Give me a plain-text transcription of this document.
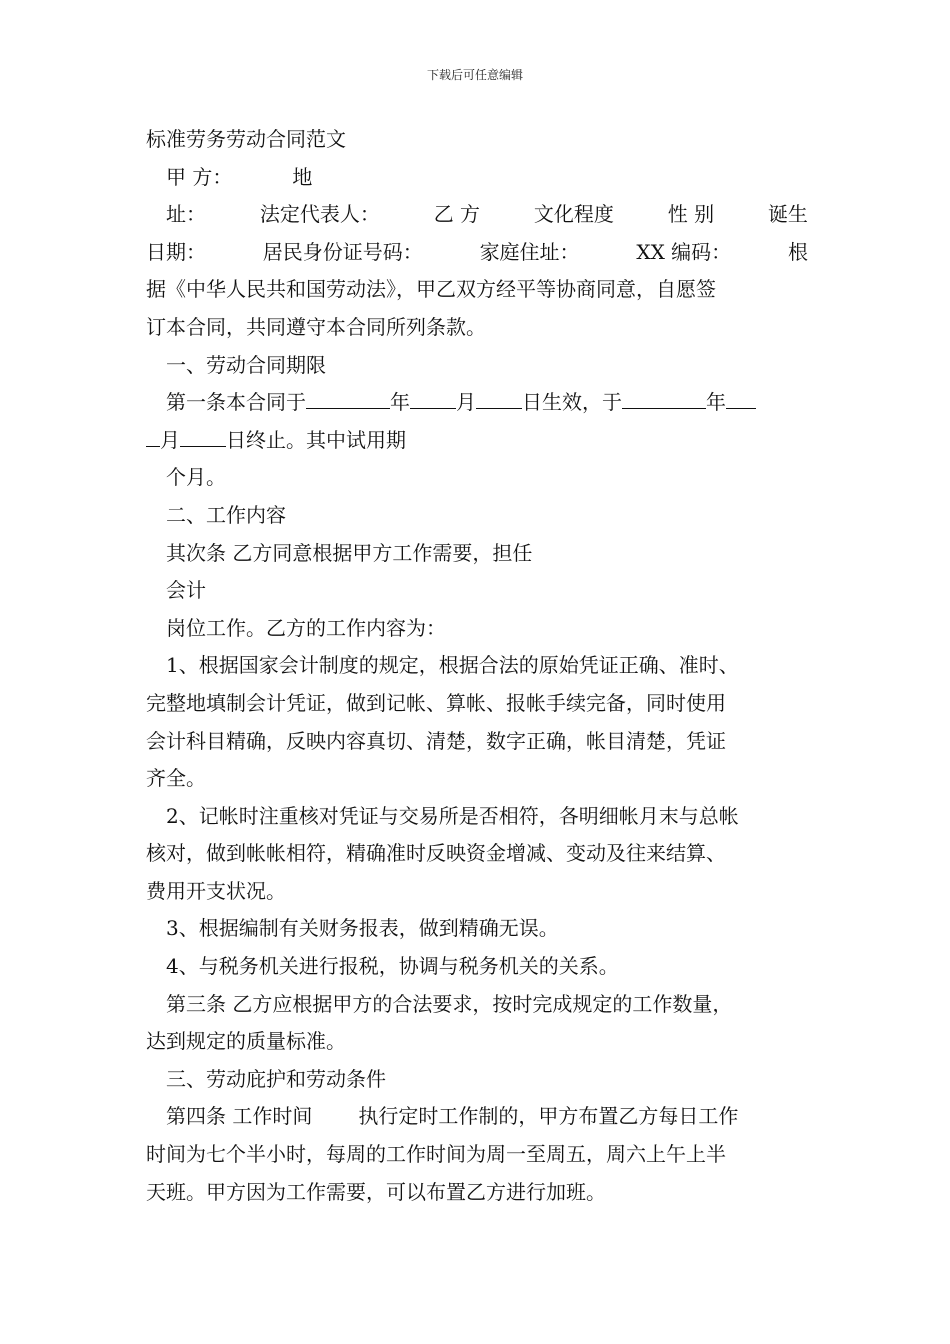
下载后可任意编辑
标准劳务劳动合同范文
甲 方：	地
址：	法定代表人：	乙 方	文化程度	性 别	诞生
日期：	居民身份证号码：	家庭住址：	XX 编码：	根
据《中华人民共和国劳动法》，甲乙双方经平等协商同意，自愿签
订本合同，共同遵守本合同所列条款。
一、劳动合同期限
第一条本合同于	年 月 日生效，于	年
月 日终止。其中试用期
个月。
二、工作内容
其次条 乙方同意根据甲方工作需要，担任
会计
岗位工作。乙方的工作内容为：
1、根据国家会计制度的规定，根据合法的原始凭证正确、准时、
完整地填制会计凭证，做到记帐、算帐、报帐手续完备，同时使用
会计科目精确，反映内容真切、清楚，数字正确，帐目清楚，凭证
齐全。
2、记帐时注重核对凭证与交易所是否相符，各明细帐月末与总帐
核对，做到帐帐相符，精确准时反映资金增减、变动及往来结算、
费用开支状况。
3、根据编制有关财务报表，做到精确无误。
4、与税务机关进行报税，协调与税务机关的关系。
第三条 乙方应根据甲方的合法要求，按时完成规定的工作数量，
达到规定的质量标准。
三、劳动庇护和劳动条件
第四条 工作时间 执行定时工作制的，甲方布置乙方每日工作
时间为七个半小时，每周的工作时间为周一至周五，周六上午上半
天班。甲方因为工作需要，可以布置乙方进行加班。
